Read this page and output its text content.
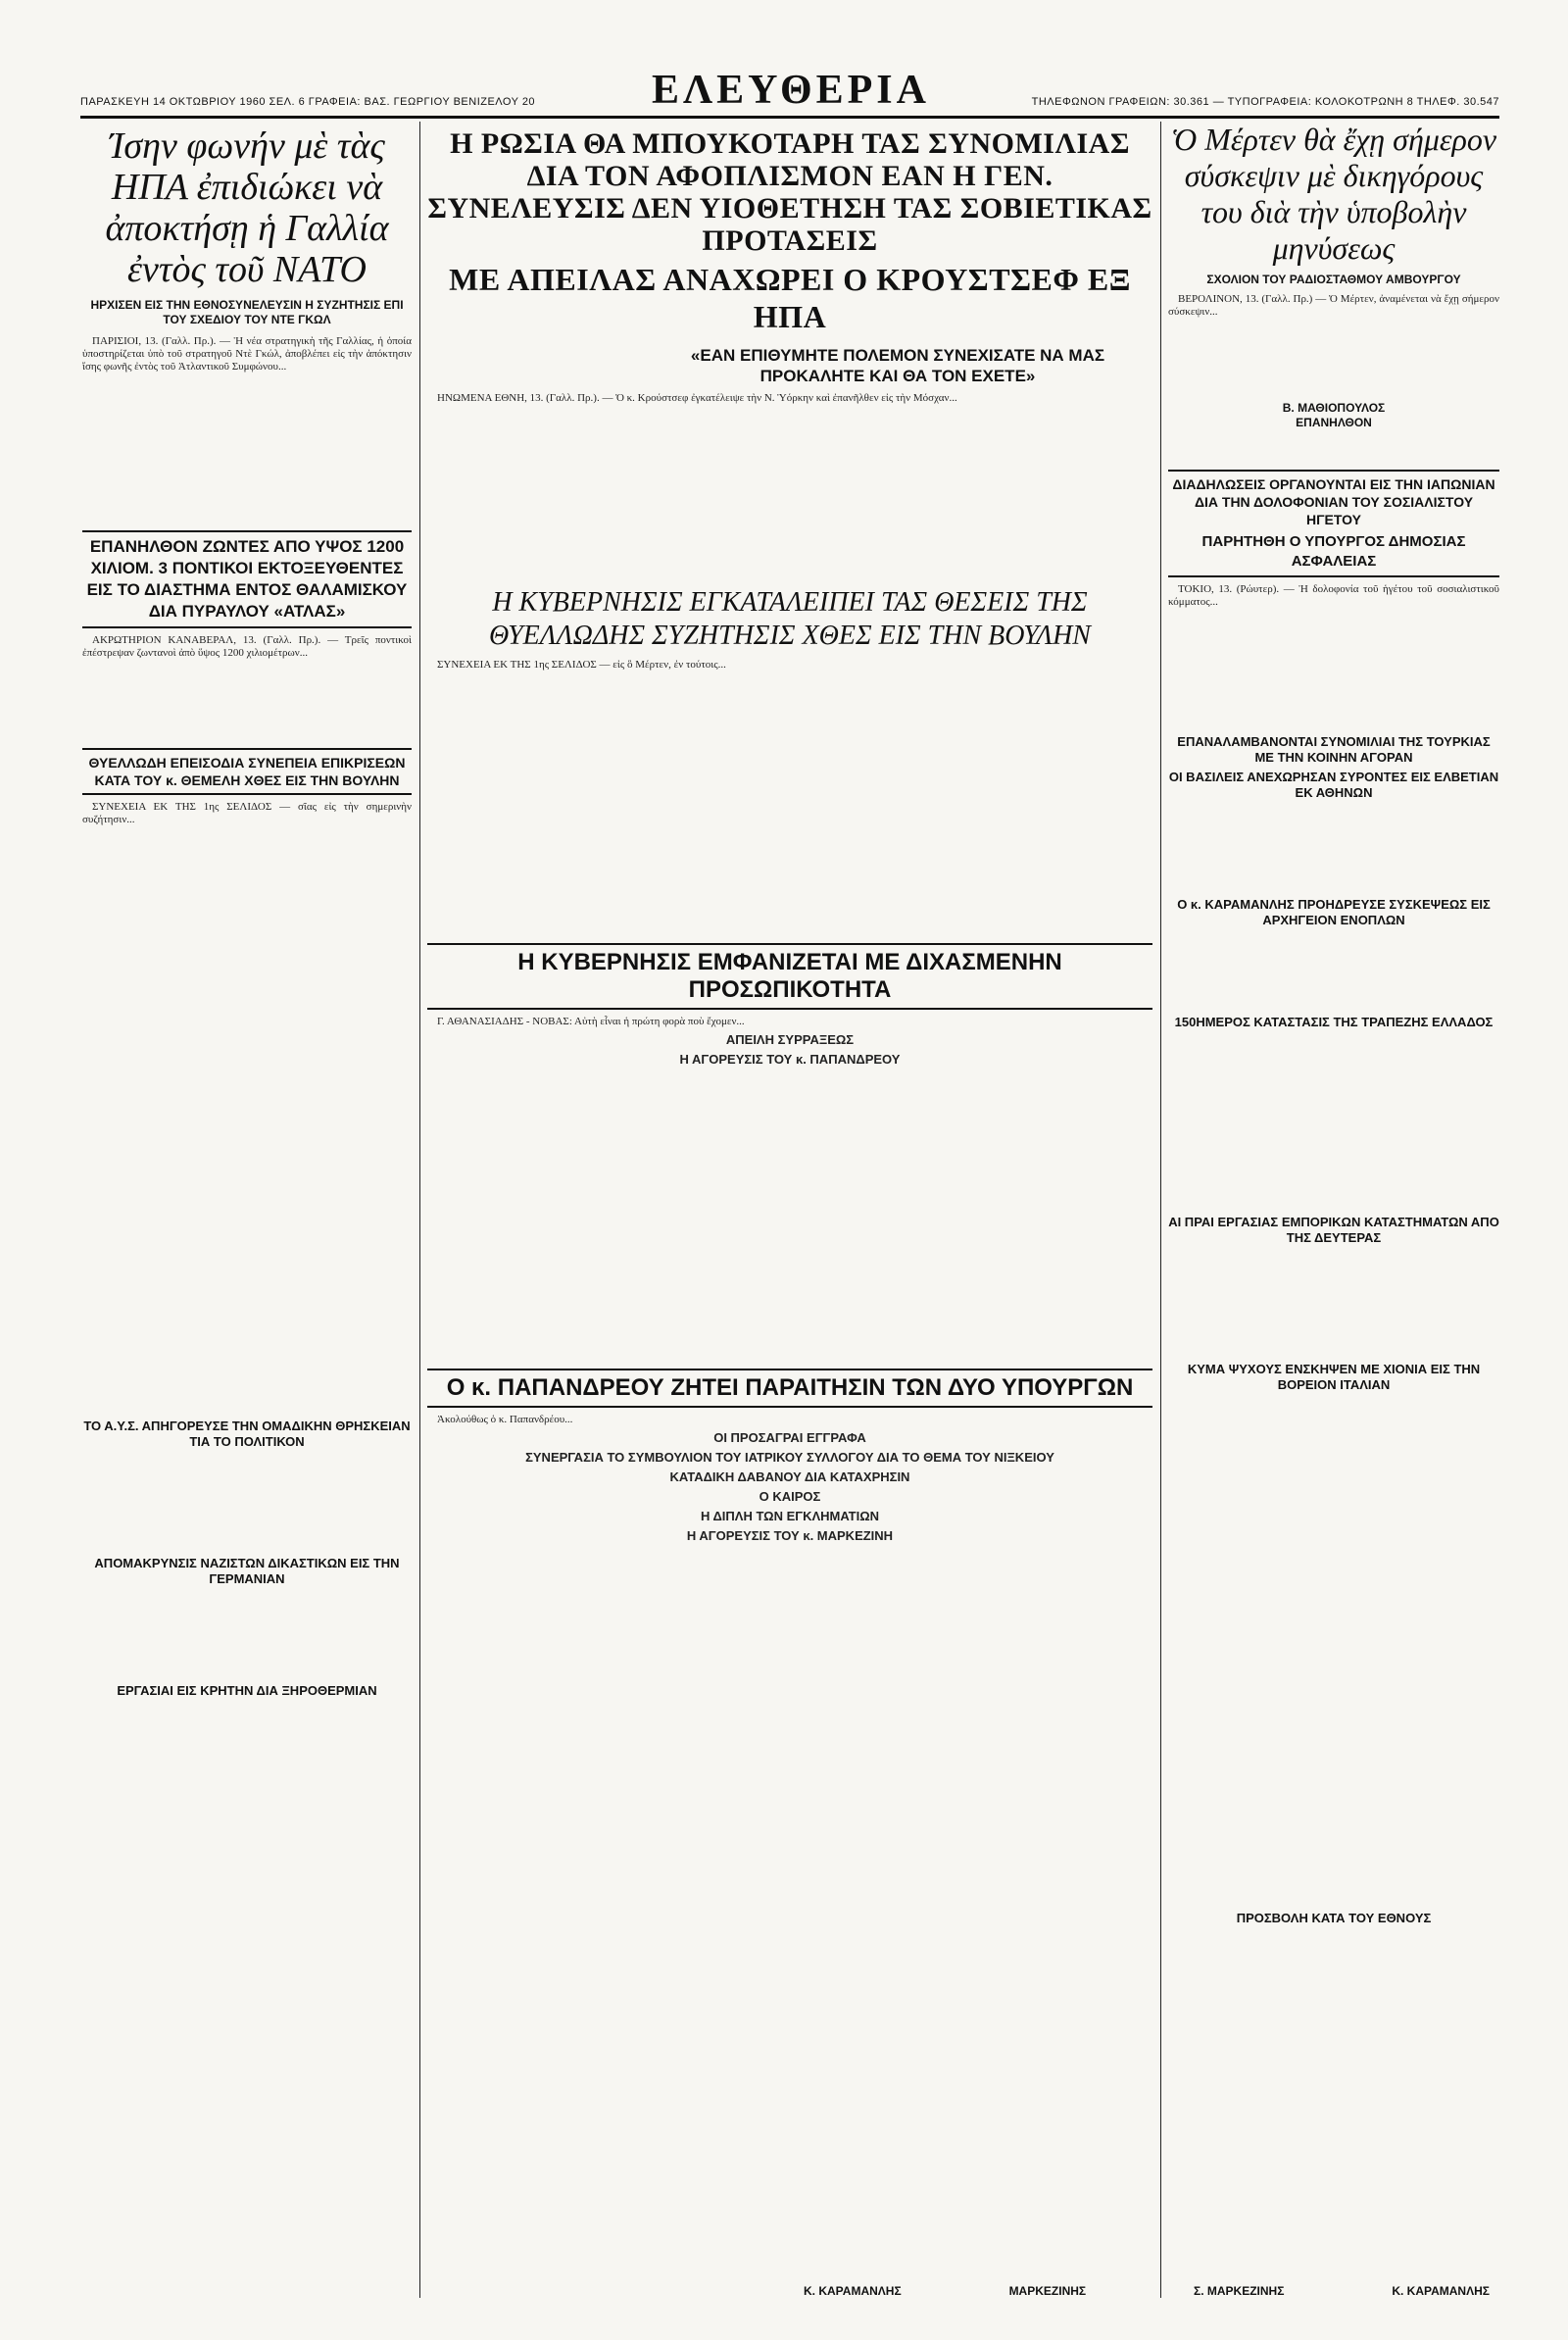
ΠΑΡΑΣΚΕΥΗ 14 ΟΚΤΩΒΡΙΟΥ 1960 ΣΕΛ. 6 ΓΡΑΦΕΙΑ: ΒΑΣ. ΓΕΩΡΓΙΟΥ ΒΕΝΙΖΕΛΟΥ 20	ΤΗΛΕΦΩΝΟΝ ΓΡΑΦΕΙΩΝ: 30.361 — ΤΥΠΟΓΡΑΦΕΙΑ: ΚΟΛΟΚΟΤΡΩΝΗ 8 ΤΗΛΕΦ. 30.547
ΕΛΕΥΘΕΡΙΑ
Ίσην φωνήν μὲ τὰς ΗΠΑ ἐπιδιώκει νὰ ἀποκτήσῃ ἡ Γαλλία ἐντὸς τοῦ ΝΑΤΟ
ΗΡΧΙΣΕΝ ΕΙΣ ΤΗΝ ΕΘΝΟΣΥΝΕΛΕΥΣΙΝ Η ΣΥΖΗΤΗΣΙΣ ΕΠΙ ΤΟΥ ΣΧΕΔΙΟΥ ΤΟΥ ΝΤΕ ΓΚΩΛ

ΠΑΡΙΣΙΟΙ, 13. (Γαλλ. Πρ.). — Ἡ νέα στρατηγικὴ τῆς Γαλλίας, ἡ ὁποία ὑποστηρίζεται ὑπὸ τοῦ στρατηγοῦ Ντὲ Γκώλ, ἀποβλέπει εἰς τὴν ἀπόκτησιν ἴσης φωνῆς ἐντὸς τοῦ Ἀτλαντικοῦ Συμφώνου...

ΕΠΑΝΗΛΘΟΝ ΖΩΝΤΕΣ ΑΠΟ ΥΨΟΣ 1200 ΧΙΛΙΟΜ. 3 ΠΟΝΤΙΚΟΙ ΕΚΤΟΞΕΥΘΕΝΤΕΣ ΕΙΣ ΤΟ ΔΙΑΣΤΗΜΑ ΕΝΤΟΣ ΘΑΛΑΜΙΣΚΟΥ ΔΙΑ ΠΥΡΑΥΛΟΥ «ΑΤΛΑΣ»

ΑΚΡΩΤΗΡΙΟΝ ΚΑΝΑΒΕΡΑΛ, 13. (Γαλλ. Πρ.). — Τρεῖς ποντικοὶ ἐπέστρεψαν ζωντανοὶ ἀπὸ ὕψος 1200 χιλιομέτρων...

ΘΥΕΛΛΩΔΗ ΕΠΕΙΣΟΔΙΑ ΣΥΝΕΠΕΙΑ ΕΠΙΚΡΙΣΕΩΝ ΚΑΤΑ ΤΟΥ κ. ΘΕΜΕΛΗ ΧΘΕΣ ΕΙΣ ΤΗΝ ΒΟΥΛΗΝ

ΣΥΝΕΧΕΙΑ ΕΚ ΤΗΣ 1ης ΣΕΛΙΔΟΣ — σῖας εἰς τὴν σημερινὴν συζήτησιν...

ΤΟ Α.Υ.Σ. ΑΠΗΓΟΡΕΥΣΕ ΤΗΝ ΟΜΑΔΙΚΗΝ ΘΡΗΣΚΕΙΑΝ ΤΙΑ ΤΟ ΠΟΛΙΤΙΚΟΝ
ΑΠΟΜΑΚΡΥΝΣΙΣ ΝΑΖΙΣΤΩΝ ΔΙΚΑΣΤΙΚΩΝ ΕΙΣ ΤΗΝ ΓΕΡΜΑΝΙΑΝ
ΕΡΓΑΣΙΑΙ ΕΙΣ ΚΡΗΤΗΝ ΔΙΑ ΞΗΡΟΘΕΡΜΙΑΝ
Η ΡΩΣΙΑ ΘΑ ΜΠΟΥΚΟΤΑΡΗ ΤΑΣ ΣΥΝΟΜΙΛΙΑΣ ΔΙΑ ΤΟΝ ΑΦΟΠΛΙΣΜΟΝ ΕΑΝ Η ΓΕΝ. ΣΥΝΕΛΕΥΣΙΣ ΔΕΝ ΥΙΟΘΕΤΗΣΗ ΤΑΣ ΣΟΒΙΕΤΙΚΑΣ ΠΡΟΤΑΣΕΙΣ
ΜΕ ΑΠΕΙΛΑΣ ΑΝΑΧΩΡΕΙ Ο ΚΡΟΥΣΤΣΕΦ ΕΞ ΗΠΑ
«ΕΑΝ ΕΠΙΘΥΜΗΤΕ ΠΟΛΕΜΟΝ ΣΥΝΕΧΙΣΑΤΕ ΝΑ ΜΑΣ ΠΡΟΚΑΛΗΤΕ ΚΑΙ ΘΑ ΤΟΝ ΕΧΕΤΕ»

ΗΝΩΜΕΝΑ ΕΘΝΗ, 13. (Γαλλ. Πρ.). — Ὁ κ. Κρούστσεφ ἐγκατέλειψε τὴν Ν. Ὑόρκην καὶ ἐπανῆλθεν εἰς τὴν Μόσχαν...

Η ΚΥΒΕΡΝΗΣΙΣ ΕΓΚΑΤΑΛΕΙΠΕΙ ΤΑΣ ΘΕΣΕΙΣ ΤΗΣ ΘΥΕΛΛΩΔΗΣ ΣΥΖΗΤΗΣΙΣ ΧΘΕΣ ΕΙΣ ΤΗΝ ΒΟΥΛΗΝ

ΣΥΝΕΧΕΙΑ ΕΚ ΤΗΣ 1ης ΣΕΛΙΔΟΣ — εἰς ὃ Μέρτεν, ἐν τούτοις...

Η ΚΥΒΕΡΝΗΣΙΣ ΕΜΦΑΝΙΖΕΤΑΙ ΜΕ ΔΙΧΑΣΜΕΝΗΝ ΠΡΟΣΩΠΙΚΟΤΗΤΑ

Γ. ΑΘΑΝΑΣΙΑΔΗΣ - ΝΟΒΑΣ: Αὐτὴ εἶναι ἡ πρώτη φορὰ ποὺ ἔχομεν...

ΑΠΕΙΛΗ ΣΥΡΡΑΞΕΩΣ
Η ΑΓΟΡΕΥΣΙΣ ΤΟΥ κ. ΠΑΠΑΝΔΡΕΟΥ
Ο κ. ΠΑΠΑΝΔΡΕΟΥ ΖΗΤΕΙ ΠΑΡΑΙΤΗΣΙΝ ΤΩΝ ΔΥΟ ΥΠΟΥΡΓΩΝ

Ἀκολούθως ὁ κ. Παπανδρέου...

ΟΙ ΠΡΟΣΑΓΡΑΙ ΕΓΓΡΑΦΑ
ΣΥΝΕΡΓΑΣΙΑ ΤΟ ΣΥΜΒΟΥΛΙΟΝ ΤΟΥ ΙΑΤΡΙΚΟΥ ΣΥΛΛΟΓΟΥ ΔΙΑ ΤΟ ΘΕΜΑ ΤΟΥ ΝΙΞΚΕΙΟΥ
ΚΑΤΑΔΙΚΗ ΔΑΒΑΝΟΥ ΔΙΑ ΚΑΤΑΧΡΗΣΙΝ
Ο ΚΑΙΡΟΣ
Η ΔΙΠΛΗ ΤΩΝ ΕΓΚΛΗΜΑΤΙΩΝ
Η ΑΓΟΡΕΥΣΙΣ ΤΟΥ κ. ΜΑΡΚΕΖΙΝΗ
Ὁ Μέρτεν θὰ ἔχῃ σήμερον σύσκεψιν μὲ δικηγόρους του διὰ τὴν ὑποβολὴν μηνύσεως
ΣΧΟΛΙΟΝ ΤΟΥ ΡΑΔΙΟΣΤΑΘΜΟΥ ΑΜΒΟΥΡΓΟΥ

ΒΕΡΟΛΙΝΟΝ, 13. (Γαλλ. Πρ.) — Ὁ Μέρτεν, ἀναμένεται νὰ ἔχῃ σήμερον σύσκεψιν...

Β. ΜΑΘΙΟΠΟΥΛΟΣ
ΕΠΑΝΗΛΘΟΝ
ΔΙΑΔΗΛΩΣΕΙΣ ΟΡΓΑΝΟΥΝΤΑΙ ΕΙΣ ΤΗΝ ΙΑΠΩΝΙΑΝ ΔΙΑ ΤΗΝ ΔΟΛΟΦΟΝΙΑΝ ΤΟΥ ΣΟΣΙΑΛΙΣΤΟΥ ΗΓΕΤΟΥ
ΠΑΡΗΤΗΘΗ Ο ΥΠΟΥΡΓΟΣ ΔΗΜΟΣΙΑΣ ΑΣΦΑΛΕΙΑΣ

ΤΟΚΙΟ, 13. (Ρώυτερ). — Ἡ δολοφονία τοῦ ἡγέτου τοῦ σοσιαλιστικοῦ κόμματος...

ΕΠΑΝΑΛΑΜΒΑΝΟΝΤΑΙ ΣΥΝΟΜΙΛΙΑΙ ΤΗΣ ΤΟΥΡΚΙΑΣ ΜΕ ΤΗΝ ΚΟΙΝΗΝ ΑΓΟΡΑΝ
ΟΙ ΒΑΣΙΛΕΙΣ ΑΝΕΧΩΡΗΣΑΝ ΣΥΡΟΝΤΕΣ ΕΙΣ ΕΛΒΕΤΙΑΝ ΕΚ ΑΘΗΝΩΝ
Ο κ. ΚΑΡΑΜΑΝΛΗΣ ΠΡΟΗΔΡΕΥΣΕ ΣΥΣΚΕΨΕΩΣ ΕΙΣ ΑΡΧΗΓΕΙΟΝ ΕΝΟΠΛΩΝ
150ΗΜΕΡΟΣ ΚΑΤΑΣΤΑΣΙΣ ΤΗΣ ΤΡΑΠΕΖΗΣ ΕΛΛΑΔΟΣ
ΑΙ ΠΡΑΙ ΕΡΓΑΣΙΑΣ ΕΜΠΟΡΙΚΩΝ ΚΑΤΑΣΤΗΜΑΤΩΝ ΑΠΟ ΤΗΣ ΔΕΥΤΕΡΑΣ
ΚΥΜΑ ΨΥΧΟΥΣ ΕΝΣΚΗΨΕΝ ΜΕ ΧΙΟΝΙΑ ΕΙΣ ΤΗΝ ΒΟΡΕΙΟΝ ΙΤΑΛΙΑΝ
ΠΡΟΣΒΟΛΗ ΚΑΤΑ ΤΟΥ ΕΘΝΟΥΣ
Κ. ΚΑΡΑΜΑΝΛΗΣ	ΜΑΡΚΕΖΙΝΗΣ	Σ. ΜΑΡΚΕΖΙΝΗΣ	Κ. ΚΑΡΑΜΑΝΛΗΣ
